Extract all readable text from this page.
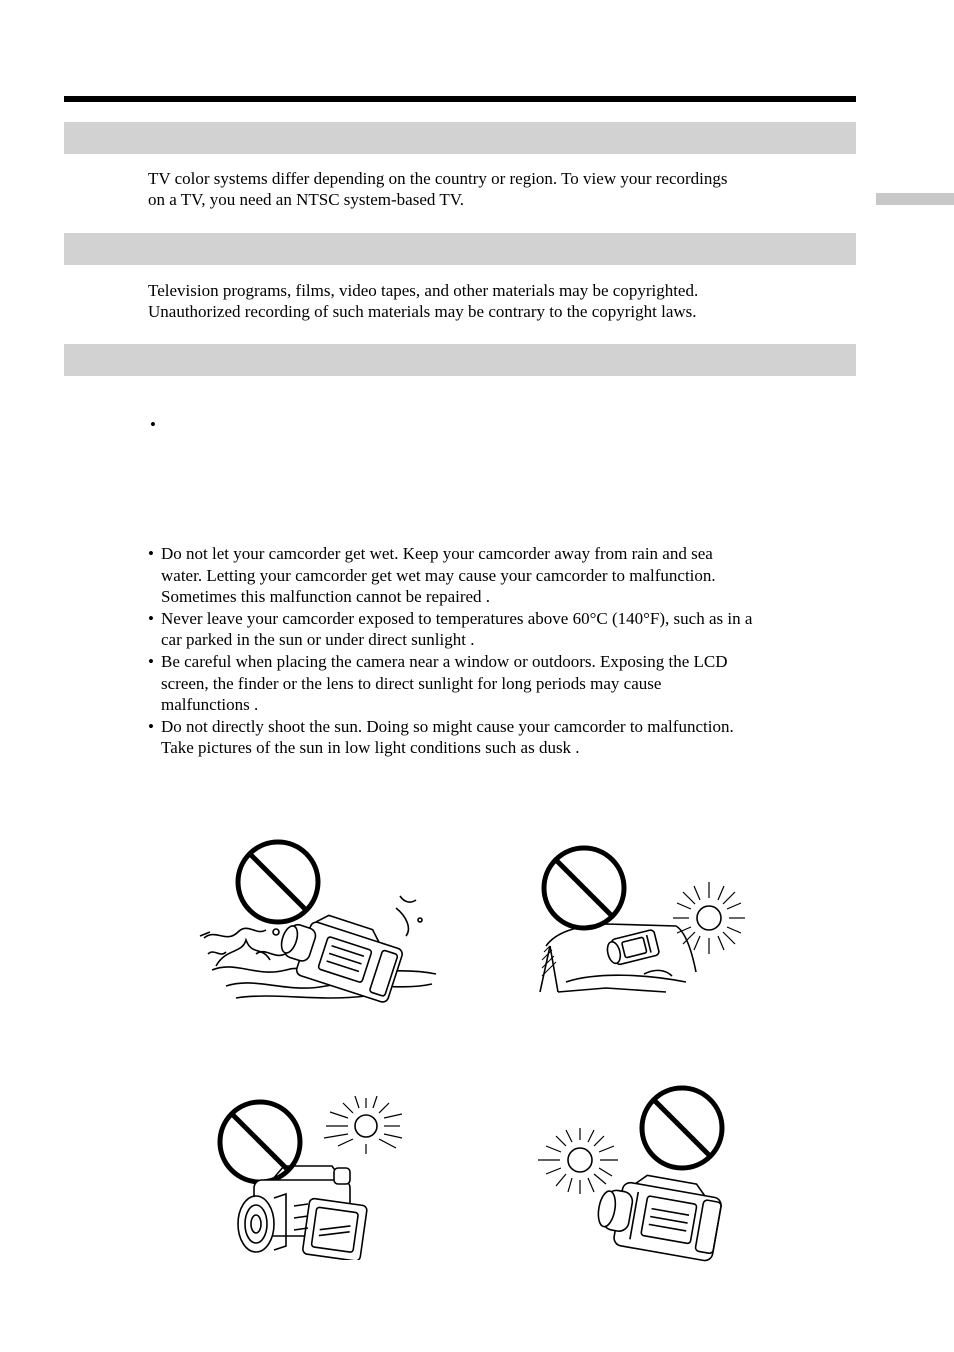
TV color systems differ depending on the country or region. To view your recordings
on a TV, you need an NTSC system-based TV.
Television programs, films, video tapes, and other materials may be copyrighted.
Unauthorized recording of such materials may be contrary to the copyright laws.
•
• Do not let your camcorder get wet. Keep your camcorder away from rain and sea
water. Letting your camcorder get wet may cause your camcorder to malfunction.
Sometimes this malfunction cannot be repaired .
• Never leave your camcorder exposed to temperatures above 60°C (140°F), such as in a
car parked in the sun or under direct sunlight .
• Be careful when placing the camera near a window or outdoors. Exposing the LCD
screen, the finder or the lens to direct sunlight for long periods may cause
malfunctions .
• Do not directly shoot the sun. Doing so might cause your camcorder to malfunction.
Take pictures of the sun in low light conditions such as dusk .
